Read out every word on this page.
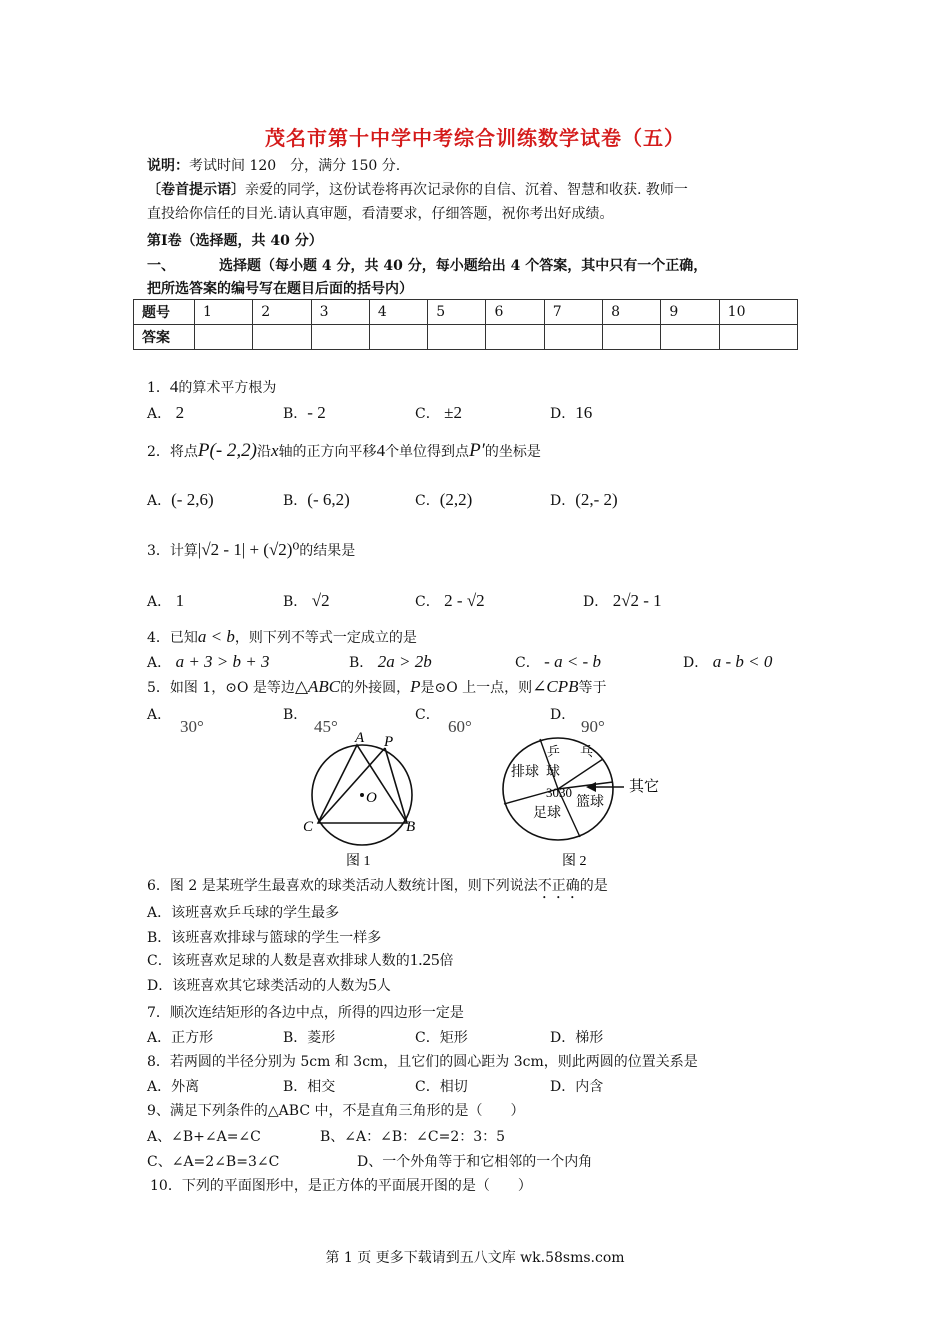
茂名市第十中学中考综合训练数学试卷（五）
说明：考试时间 120　分，满分 150 分.
〔卷首提示语〕亲爱的同学，这份试卷将再次记录你的自信、沉着、智慧和收获. 教师一
直投给你信任的目光.请认真审题，看清要求，仔细答题，祝你考出好成绩。
第Ⅰ卷（选择题，共 40 分）
一、	选择题（每小题 4 分，共 40 分，每小题给出 4 个答案，其中只有一个正确，
把所选答案的编号写在题目后面的括号内）
题号	1	2	3	4	5	6	7	8	9	10
答案										
1．4的算术平方根为
A． 2	B．- 2	C． ±2	D．16
2．将点P(- 2,2)沿x轴的正方向平移4个单位得到点P′的坐标是
A．(- 2,6)	B．(- 6,2)	C．(2,2)	D．(2,- 2)
3．计算|√2 - 1| + (√2)⁰的结果是
A． 1	B． √2	C． 2 - √2	D． 2√2 - 1
4．已知a < b，则下列不等式一定成立的是
A． a + 3 > b + 3	B． 2a > 2b	C． - a < - b	D． a - b < 0
5．如图 1，⊙O 是等边△ABC的外接圆，P是⊙O 上一点，则∠CPB等于
A．
30°
B．
45°
C．
60°
D．
90°
A P
O
C	B
图 1
乒 乓
排球 球
3030
篮球
足球
其它
图 2
6．图 2 是某班学生最喜欢的球类活动人数统计图，则下列说法不正确的是
A．该班喜欢乒乓球的学生最多
B．该班喜欢排球与篮球的学生一样多
C．该班喜欢足球的人数是喜欢排球人数的1.25倍
D．该班喜欢其它球类活动的人数为5人
7．顺次连结矩形的各边中点，所得的四边形一定是
A．正方形	B．菱形	C．矩形	D．梯形
8．若两圆的半径分别为 5cm 和 3cm，且它们的圆心距为 3cm，则此两圆的位置关系是
A．外离	B．相交	C．相切	D．内含
9、满足下列条件的△ABC 中，不是直角三角形的是（　　）
A、∠B+∠A=∠C	B、∠A：∠B：∠C=2：3：5
C、∠A=2∠B=3∠C	D、一个外角等于和它相邻的一个内角
10．下列的平面图形中，是正方体的平面展开图的是（　　）
第 1 页 更多下载请到五八文库 wk.58sms.com
